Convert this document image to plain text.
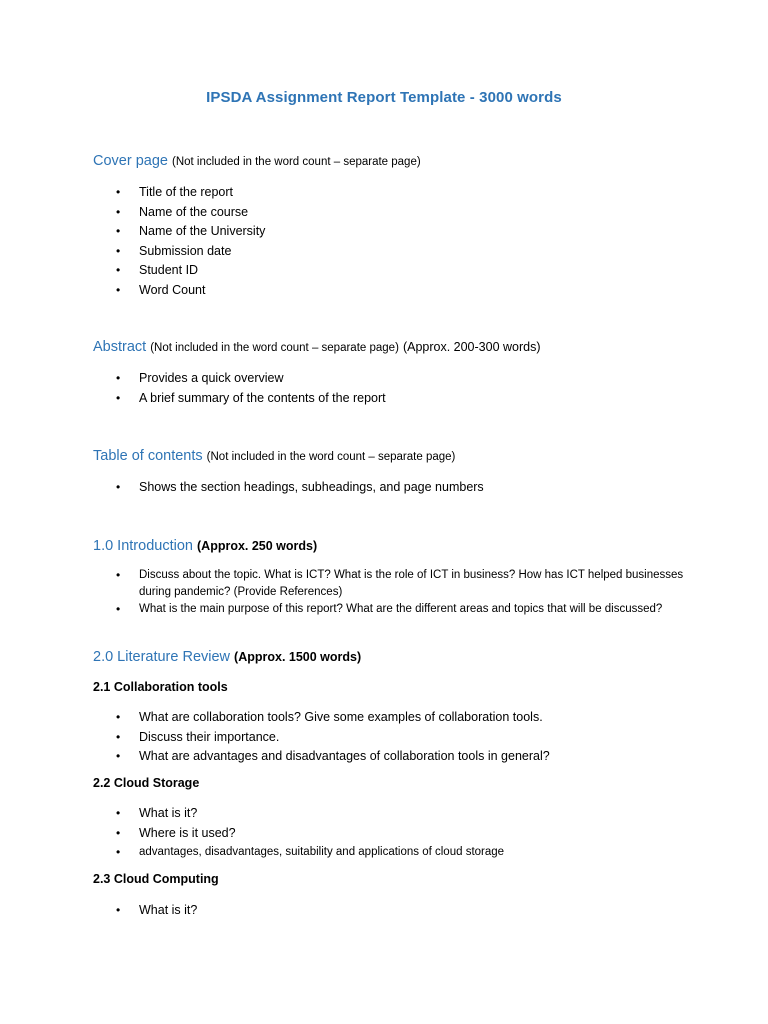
IPSDA Assignment Report Template - 3000 words
Cover page (Not included in the word count – separate page)
• Title of the report
• Name of the course
• Name of the University
• Submission date
• Student ID
• Word Count
Abstract (Not included in the word count – separate page) (Approx. 200-300 words)
• Provides a quick overview
• A brief summary of the contents of the report
Table of contents (Not included in the word count – separate page)
• Shows the section headings, subheadings, and page numbers
1.0 Introduction (Approx. 250 words)
• Discuss about the topic. What is ICT? What is the role of ICT in business? How has ICT helped businesses during pandemic? (Provide References)
• What is the main purpose of this report? What are the different areas and topics that will be discussed?
2.0 Literature Review (Approx. 1500 words)
2.1 Collaboration tools
• What are collaboration tools? Give some examples of collaboration tools.
• Discuss their importance.
• What are advantages and disadvantages of collaboration tools in general?
2.2 Cloud Storage
• What is it?
• Where is it used?
• advantages, disadvantages, suitability and applications of cloud storage
2.3 Cloud Computing
• What is it?
